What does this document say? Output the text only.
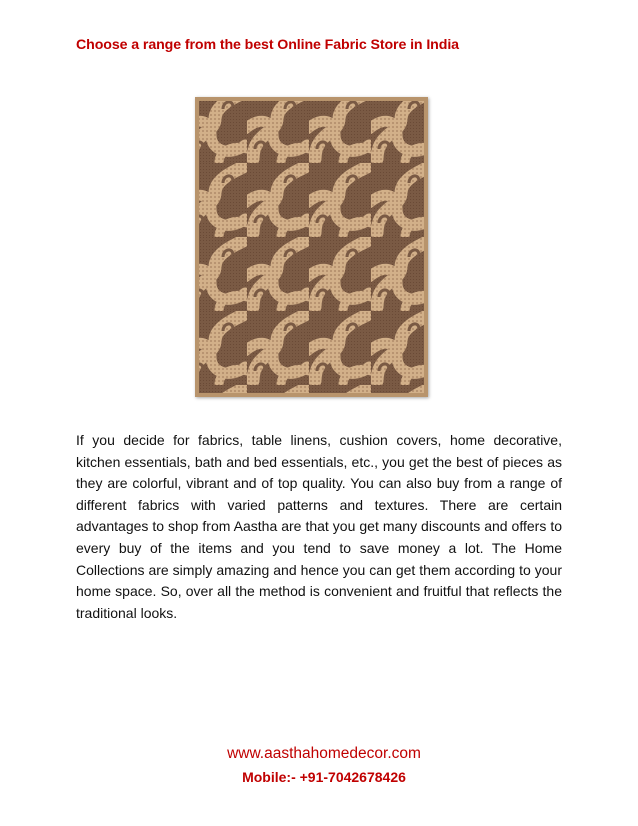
Choose a range from the best Online Fabric Store in India

If you decide for fabrics, table linens, cushion covers, home decorative, kitchen essentials, bath and bed essentials, etc., you get the best of pieces as they are colorful, vibrant and of top quality. You can also buy from a range of different fabrics with varied patterns and textures. There are certain advantages to shop from Aastha are that you get many discounts and offers to every buy of the items and you tend to save money a lot. The Home Collections are simply amazing and hence you can get them according to your home space. So, over all the method is convenient and fruitful that reflects the traditional looks.

www.aasthahomedecor.com
Mobile:- +91-7042678426
